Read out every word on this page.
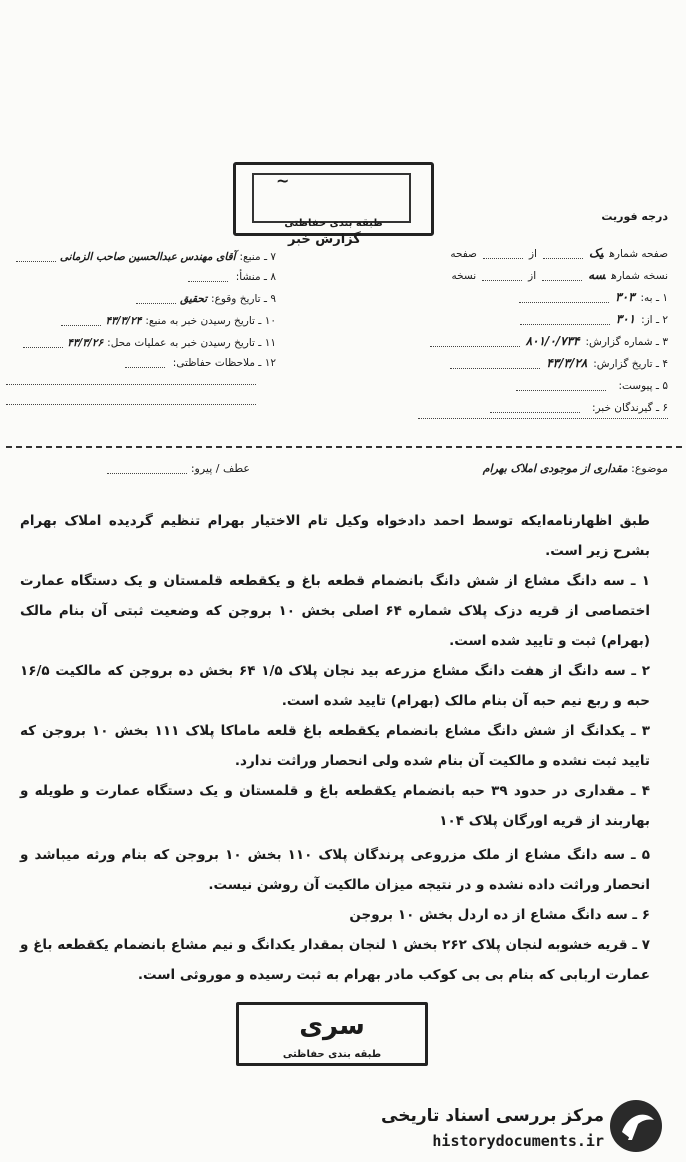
درجه فوریت
~
طبقه بندی حفاظتی
گزارش خبر
صفحه شمارهیکازصفحه
نسخه شمارهسهازنسخه
۱ ـ به:۳۰۳
۲ ـ از:۳۰۱
۳ ـ شماره گزارش:۸۰۱/۰/۷۳۴
۴ ـ تاریخ گزارش:۴۳/۳/۲۸
۵ ـ پیوست:
۶ ـ گیرندگان خبر:
۷ ـ منبع:آقای مهندس عبدالحسین صاحب الزمانی
۸ ـ منشأ:
۹ ـ تاریخ وقوع:تحقیق
۱۰ ـ تاریخ رسیدن خبر به منبع:۴۳/۳/۲۴
۱۱ ـ تاریخ رسیدن خبر به عملیات محل:۴۳/۳/۲۶
۱۲ ـ ملاحظات حفاظتی:
موضوع: مقداری از موجودی املاک بهرام
عطف / پیرو:
طبق اظهارنامه‌ایکه توسط احمد دادخواه وکیل تام الاختیار بهرام تنظیم گردیده املاک بهرام بشرح زیر است.
۱ ـ سه دانگ مشاع از شش دانگ بانضمام قطعه باغ و یکقطعه قلمستان و یک دستگاه عمارت اختصاصی از قریه دزک پلاک شماره ۶۴ اصلی بخش ۱۰ بروجن که وضعیت ثبتی آن بنام مالک (بهرام) ثبت و تایید شده است.
۲ ـ سه دانگ از هفت دانگ مشاع مزرعه بید نجان پلاک ۱/۵ ۶۴ بخش ده بروجن که مالکیت ۱۶/۵ حبه و ربع نیم حبه آن بنام مالک (بهرام) تایید شده است.
۳ ـ یکدانگ از شش دانگ مشاع بانضمام یکقطعه باغ قلعه ماماکا پلاک ۱۱۱ بخش ۱۰ بروجن که تایید ثبت نشده و مالکیت آن بنام شده ولی انحصار وراثت ندارد.
۴ ـ مقداری در حدود ۳۹ حبه بانضمام یکقطعه باغ و قلمستان و یک دستگاه عمارت و طویله و بهاربند از قریه اورگان پلاک ۱۰۴
۵ ـ سه دانگ مشاع از ملک مزروعی پرندگان پلاک ۱۱۰ بخش ۱۰ بروجن که بنام ورثه میباشد و انحصار وراثت داده نشده و در نتیجه میزان مالکیت آن روشن نیست.
۶ ـ سه دانگ مشاع از ده اردل بخش ۱۰ بروجن
۷ ـ قریه خشوبه لنجان پلاک ۲۶۲ بخش ۱ لنجان بمقدار یکدانگ و نیم مشاع بانضمام یکقطعه باغ و عمارت اربابی که بنام بی بی کوکب مادر بهرام به ثبت رسیده و موروثی است.
سری
طبقه بندی حفاظتی
مرکز بررسی اسناد تاریخی
historydocuments.ir
